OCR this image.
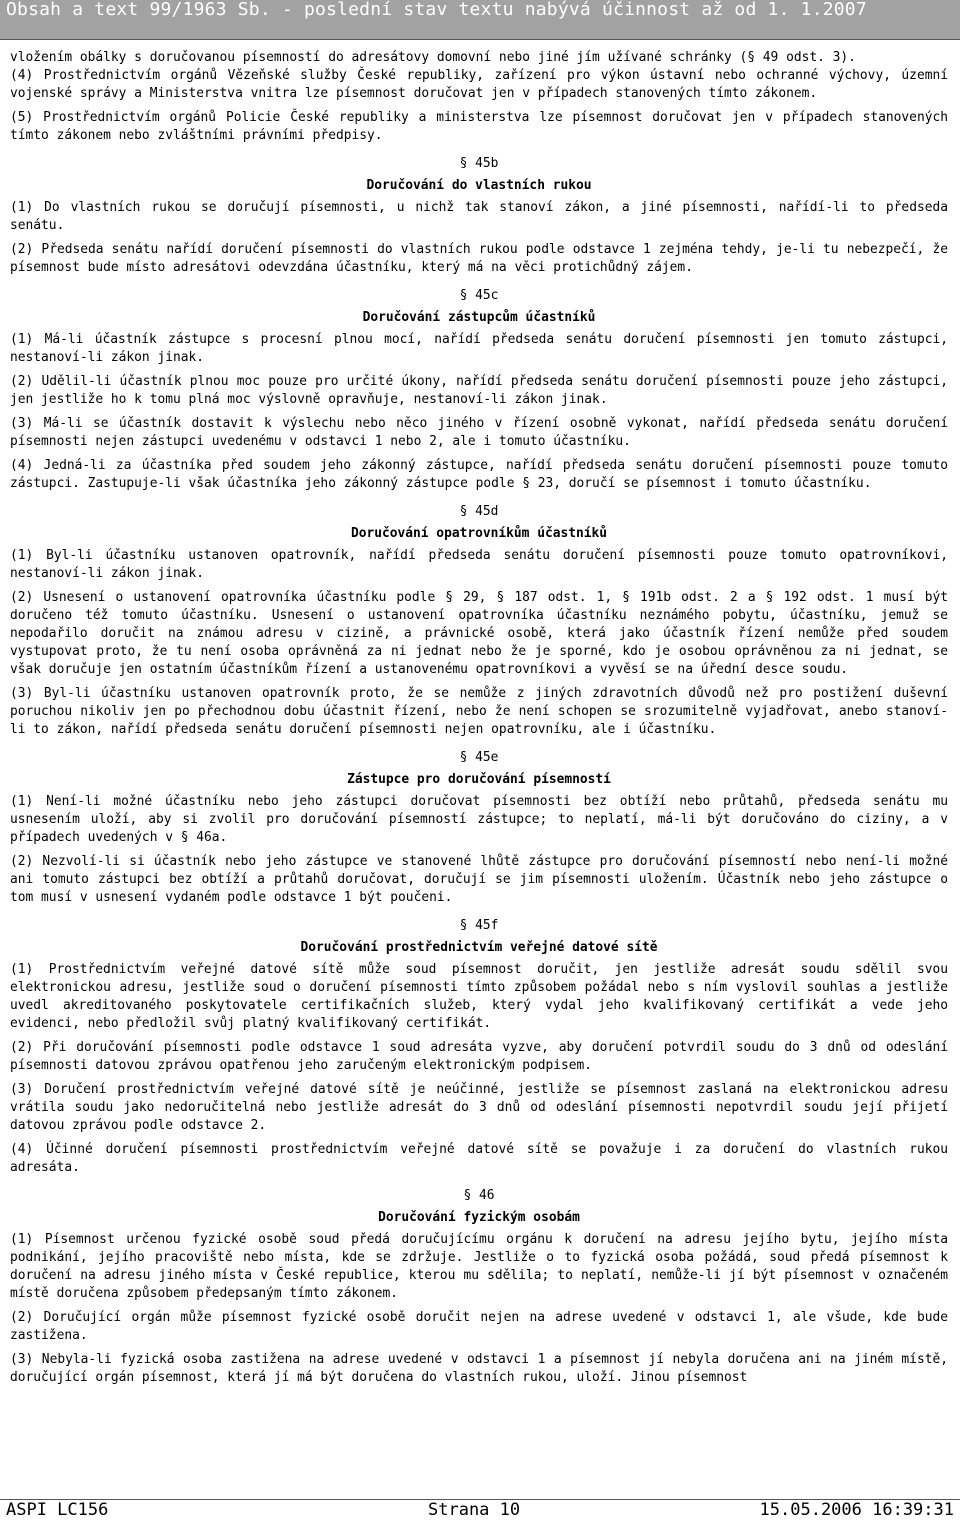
Obsah a text 99/1963 Sb. - poslední stav textu nabývá účinnost až od 1. 1.2007

vložením obálky s doručovanou písemností do adresátovy domovní nebo jiné jím užívané schránky (§ 49 odst. 3).

(4) Prostřednictvím orgánů Vězeňské služby České republiky, zařízení pro výkon ústavní nebo ochranné výchovy, územní vojenské správy a Ministerstva vnitra lze písemnost doručovat jen v případech stanovených tímto zákonem.

(5) Prostřednictvím orgánů Policie České republiky a ministerstva lze písemnost doručovat jen v případech stanovených tímto zákonem nebo zvláštními právními předpisy.

§ 45b
Doručování do vlastních rukou

(1) Do vlastních rukou se doručují písemnosti, u nichž tak stanoví zákon, a jiné písemnosti, nařídí-li to předseda senátu.

(2) Předseda senátu nařídí doručení písemnosti do vlastních rukou podle odstavce 1 zejména tehdy, je-li tu nebezpečí, že písemnost bude místo adresátovi odevzdána účastníku, který má na věci protichůdný zájem.

§ 45c
Doručování zástupcům účastníků

(1) Má-li účastník zástupce s procesní plnou mocí, nařídí předseda senátu doručení písemnosti jen tomuto zástupci, nestanoví-li zákon jinak.

(2) Udělil-li účastník plnou moc pouze pro určité úkony, nařídí předseda senátu doručení písemnosti pouze jeho zástupci, jen jestliže ho k tomu plná moc výslovně opravňuje, nestanoví-li zákon jinak.

(3) Má-li se účastník dostavit k výslechu nebo něco jiného v řízení osobně vykonat, nařídí předseda senátu doručení písemnosti nejen zástupci uvedenému v odstavci 1 nebo 2, ale i tomuto účastníku.

(4) Jedná-li za účastníka před soudem jeho zákonný zástupce, nařídí předseda senátu doručení písemnosti pouze tomuto zástupci. Zastupuje-li však účastníka jeho zákonný zástupce podle § 23, doručí se písemnost i tomuto účastníku.

§ 45d
Doručování opatrovníkům účastníků

(1) Byl-li účastníku ustanoven opatrovník, nařídí předseda senátu doručení písemnosti pouze tomuto opatrovníkovi, nestanoví-li zákon jinak.

(2) Usnesení o ustanovení opatrovníka účastníku podle § 29, § 187 odst. 1, § 191b odst. 2 a § 192 odst. 1 musí být doručeno též tomuto účastníku. Usnesení o ustanovení opatrovníka účastníku neznámého pobytu, účastníku, jemuž se nepodařilo doručit na známou adresu v cizině, a právnické osobě, která jako účastník řízení nemůže před soudem vystupovat proto, že tu není osoba oprávněná za ni jednat nebo že je sporné, kdo je osobou oprávněnou za ni jednat, se však doručuje jen ostatním účastníkům řízení a ustanovenému opatrovníkovi a vyvěsí se na úřední desce soudu.

(3) Byl-li účastníku ustanoven opatrovník proto, že se nemůže z jiných zdravotních důvodů než pro postižení duševní poruchou nikoliv jen po přechodnou dobu účastnit řízení, nebo že není schopen se srozumitelně vyjadřovat, anebo stanoví-li to zákon, nařídí předseda senátu doručení písemnosti nejen opatrovníku, ale i účastníku.

§ 45e
Zástupce pro doručování písemností

(1) Není-li možné účastníku nebo jeho zástupci doručovat písemnosti bez obtíží nebo průtahů, předseda senátu mu usnesením uloží, aby si zvolil pro doručování písemností zástupce; to neplatí, má-li být doručováno do ciziny, a v případech uvedených v § 46a.

(2) Nezvolí-li si účastník nebo jeho zástupce ve stanovené lhůtě zástupce pro doručování písemností nebo není-li možné ani tomuto zástupci bez obtíží a průtahů doručovat, doručují se jim písemnosti uložením. Účastník nebo jeho zástupce o tom musí v usnesení vydaném podle odstavce 1 být poučeni.

§ 45f
Doručování prostřednictvím veřejné datové sítě

(1) Prostřednictvím veřejné datové sítě může soud písemnost doručit, jen jestliže adresát soudu sdělil svou elektronickou adresu, jestliže soud o doručení písemnosti tímto způsobem požádal nebo s ním vyslovil souhlas a jestliže uvedl akreditovaného poskytovatele certifikačních služeb, který vydal jeho kvalifikovaný certifikát a vede jeho evidenci, nebo předložil svůj platný kvalifikovaný certifikát.

(2) Při doručování písemnosti podle odstavce 1 soud adresáta vyzve, aby doručení potvrdil soudu do 3 dnů od odeslání písemnosti datovou zprávou opatřenou jeho zaručeným elektronickým podpisem.

(3) Doručení prostřednictvím veřejné datové sítě je neúčinné, jestliže se písemnost zaslaná na elektronickou adresu vrátila soudu jako nedoručitelná nebo jestliže adresát do 3 dnů od odeslání písemnosti nepotvrdil soudu její přijetí datovou zprávou podle odstavce 2.

(4) Účinné doručení písemnosti prostřednictvím veřejné datové sítě se považuje i za doručení do vlastních rukou adresáta.

§ 46
Doručování fyzickým osobám

(1) Písemnost určenou fyzické osobě soud předá doručujícímu orgánu k doručení na adresu jejího bytu, jejího místa podnikání, jejího pracoviště nebo místa, kde se zdržuje. Jestliže o to fyzická osoba požádá, soud předá písemnost k doručení na adresu jiného místa v České republice, kterou mu sdělila; to neplatí, nemůže-li jí být písemnost v označeném místě doručena způsobem předepsaným tímto zákonem.

(2) Doručující orgán může písemnost fyzické osobě doručit nejen na adrese uvedené v odstavci 1, ale všude, kde bude zastižena.

(3) Nebyla-li fyzická osoba zastižena na adrese uvedené v odstavci 1 a písemnost jí nebyla doručena ani na jiném místě, doručující orgán písemnost, která jí má být doručena do vlastních rukou, uloží. Jinou písemnost

ASPI LC156	Strana 10	15.05.2006 16:39:31
